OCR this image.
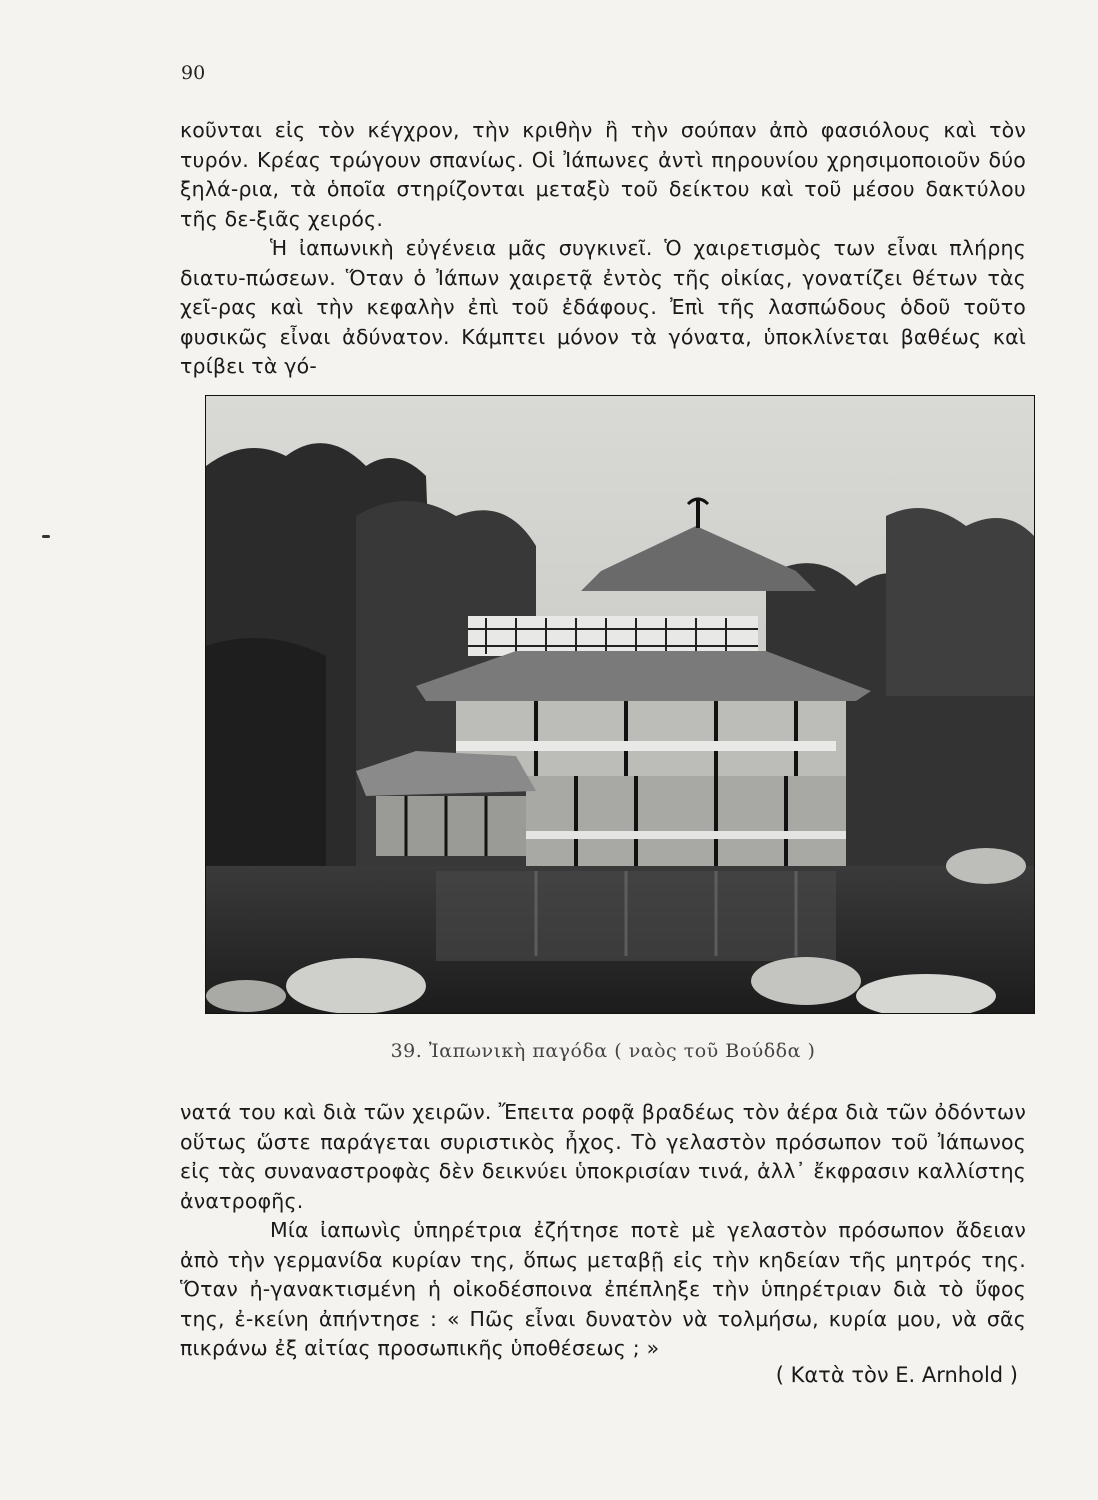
90

κοῦνται εἰς τὸν κέγχρον, τὴν κριθὴν ἢ τὴν σούπαν ἀπὸ φασιόλους καὶ τὸν τυρόν. Κρέας τρώγουν σπανίως. Οἱ Ἰάπωνες ἀντὶ πηρουνίου χρησιμοποιοῦν δύο ξηλά-ρια, τὰ ὁποῖα στηρίζονται μεταξὺ τοῦ δείκτου καὶ τοῦ μέσου δακτύλου τῆς δε-ξιᾶς χειρός.

Ἡ ἰαπωνικὴ εὐγένεια μᾶς συγκινεῖ. Ὁ χαιρετισμὸς των εἶναι πλήρης διατυ-πώσεων. Ὅταν ὁ Ἰάπων χαιρετᾷ ἐντὸς τῆς οἰκίας, γονατίζει θέτων τὰς χεῖ-ρας καὶ τὴν κεφαλὴν ἐπὶ τοῦ ἐδάφους. Ἐπὶ τῆς λασπώδους ὁδοῦ τοῦτο φυσικῶς εἶναι ἀδύνατον. Κάμπτει μόνον τὰ γόνατα, ὑποκλίνεται βαθέως καὶ τρίβει τὰ γό-

39. Ἰαπωνικὴ παγόδα ( ναὸς τοῦ Βούδδα )

νατά του καὶ διὰ τῶν χειρῶν. Ἔπειτα ροφᾷ βραδέως τὸν ἀέρα διὰ τῶν ὀδόντων οὕτως ὥστε παράγεται συριστικὸς ἦχος. Τὸ γελαστὸν πρόσωπον τοῦ Ἰάπωνος εἰς τὰς συναναστροφὰς δὲν δεικνύει ὑποκρισίαν τινά, ἀλλ᾽ ἔκφρασιν καλλίστης ἀνατροφῆς.

Μία ἰαπωνὶς ὑπηρέτρια ἐζήτησε ποτὲ μὲ γελαστὸν πρόσωπον ἄδειαν ἀπὸ τὴν γερμανίδα κυρίαν της, ὅπως μεταβῇ εἰς τὴν κηδείαν τῆς μητρός της. Ὅταν ἠ-γανακτισμένη ἡ οἰκοδέσποινα ἐπέπληξε τὴν ὑπηρέτριαν διὰ τὸ ὕφος της, ἐ-κείνη ἀπήντησε : « Πῶς εἶναι δυνατὸν νὰ τολμήσω, κυρία μου, νὰ σᾶς πικράνω ἐξ αἰτίας προσωπικῆς ὑποθέσεως ; »

( Κατὰ τὸν Ε. Arnhold )
